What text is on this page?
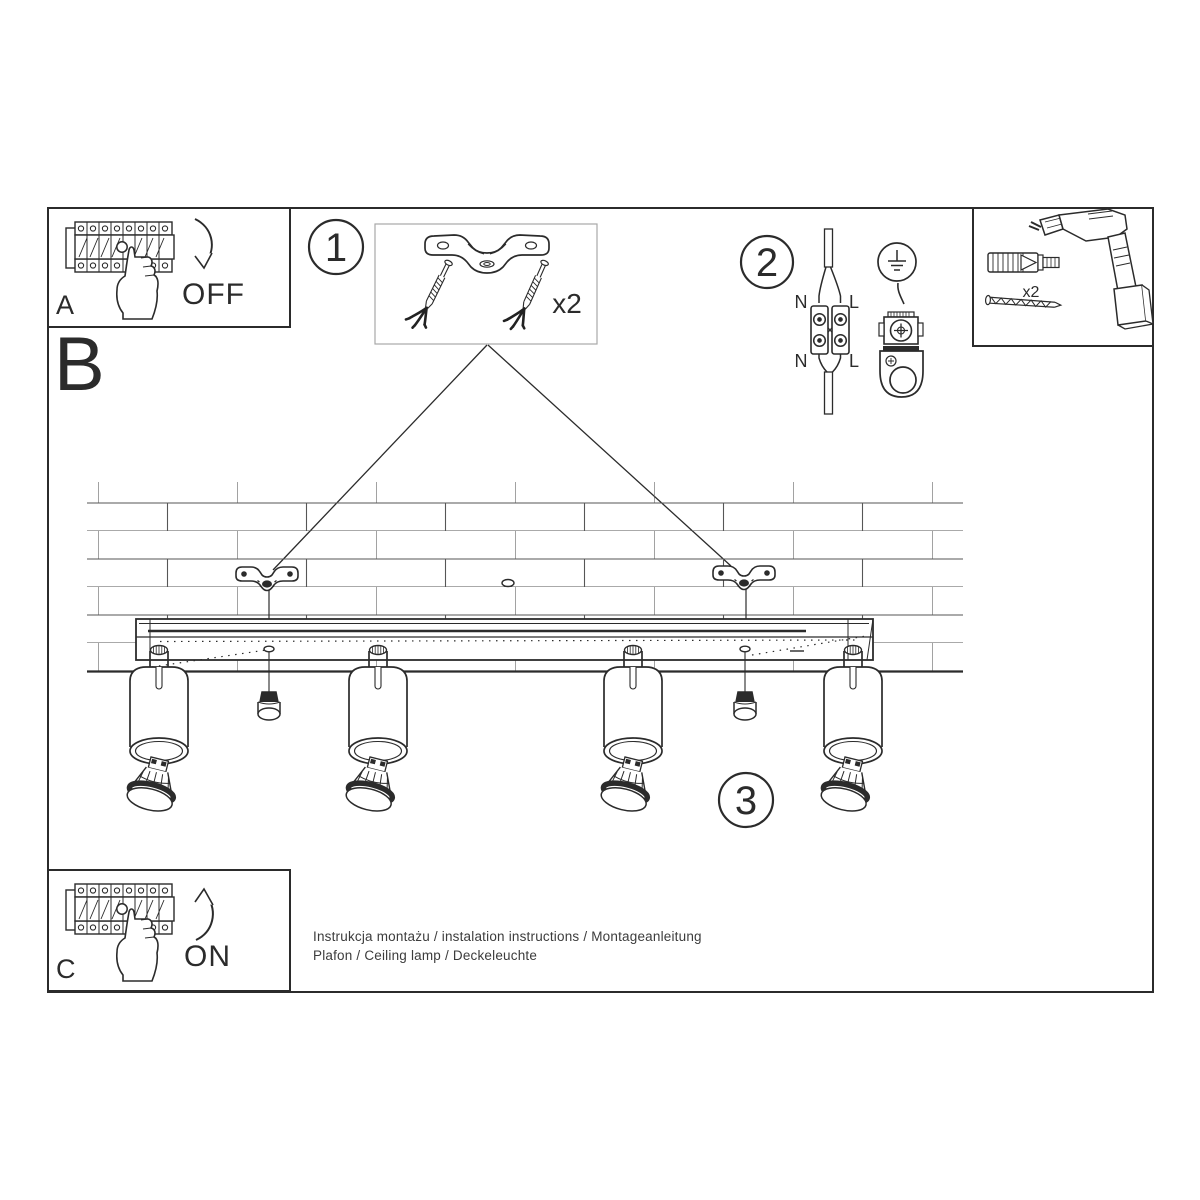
A	OFF
B
1
x2
2
N L
N L
x2
3
C	ON
Instrukcja montażu / instalation instructions / Montageanleitung
Plafon / Ceiling lamp / Deckeleuchte
